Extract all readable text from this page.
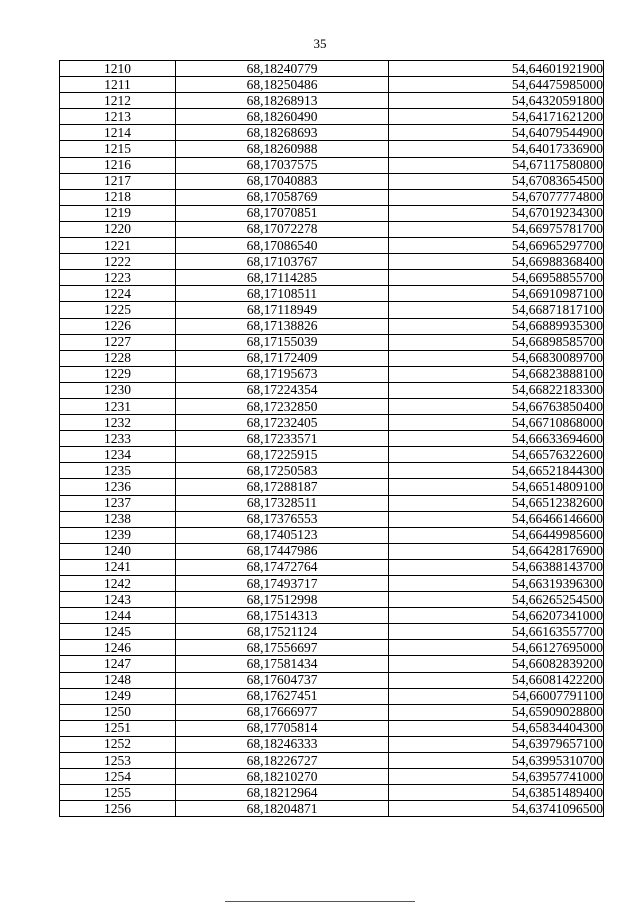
35
1210	68,18240779	54,64601921900
1211	68,18250486	54,64475985000
1212	68,18268913	54,64320591800
1213	68,18260490	54,64171621200
1214	68,18268693	54,64079544900
1215	68,18260988	54,64017336900
1216	68,17037575	54,67117580800
1217	68,17040883	54,67083654500
1218	68,17058769	54,67077774800
1219	68,17070851	54,67019234300
1220	68,17072278	54,66975781700
1221	68,17086540	54,66965297700
1222	68,17103767	54,66988368400
1223	68,17114285	54,66958855700
1224	68,17108511	54,66910987100
1225	68,17118949	54,66871817100
1226	68,17138826	54,66889935300
1227	68,17155039	54,66898585700
1228	68,17172409	54,66830089700
1229	68,17195673	54,66823888100
1230	68,17224354	54,66822183300
1231	68,17232850	54,66763850400
1232	68,17232405	54,66710868000
1233	68,17233571	54,66633694600
1234	68,17225915	54,66576322600
1235	68,17250583	54,66521844300
1236	68,17288187	54,66514809100
1237	68,17328511	54,66512382600
1238	68,17376553	54,66466146600
1239	68,17405123	54,66449985600
1240	68,17447986	54,66428176900
1241	68,17472764	54,66388143700
1242	68,17493717	54,66319396300
1243	68,17512998	54,66265254500
1244	68,17514313	54,66207341000
1245	68,17521124	54,66163557700
1246	68,17556697	54,66127695000
1247	68,17581434	54,66082839200
1248	68,17604737	54,66081422200
1249	68,17627451	54,66007791100
1250	68,17666977	54,65909028800
1251	68,17705814	54,65834404300
1252	68,18246333	54,63979657100
1253	68,18226727	54,63995310700
1254	68,18210270	54,63957741000
1255	68,18212964	54,63851489400
1256	68,18204871	54,63741096500
